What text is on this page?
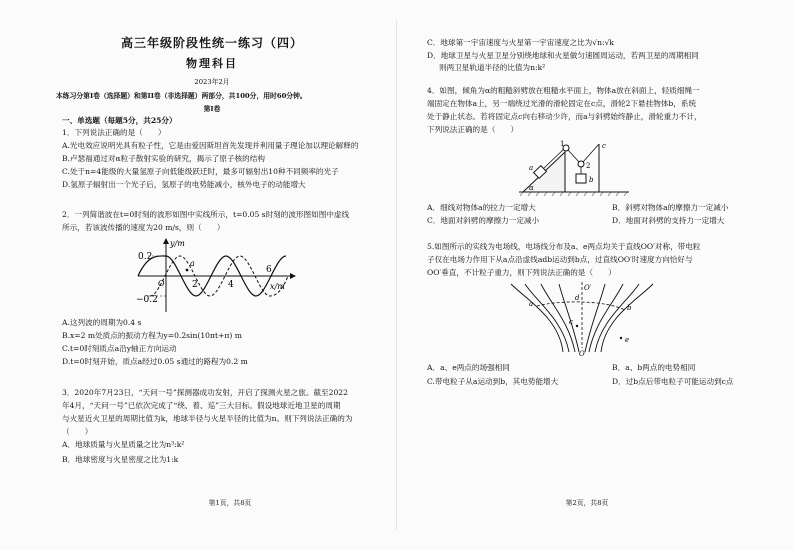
高三年级阶段性统一练习（四）
物理科目
2023年2月
本练习分第I卷（选择题）和第II卷（非选择题）两部分，共100分，用时60分钟。
第I卷
一、单选题（每题5分，共25分）
1．下列说法正确的是（　　）
A.光电效应说明光具有粒子性，它是由爱因斯坦首先发现并利用量子理论加以理论解释的
B.卢瑟福通过对α粒子散射实验的研究，揭示了原子核的结构
C.处于n=4能级的大量氢原子向低能级跃迁时，最多可辐射出10种不同频率的光子
D.氢原子辐射出一个光子后，氢原子的电势能减小，核外电子的动能增大
2．一列简谐波在t=0时刻的波形如图中实线所示，t=0.05 s时刻的波形图如图中虚线
所示，若该波传播的速度为20 m/s，则（　　）
y/m
x/m
0.2
−0.2
O	2	4
6
a
A.这列波的周期为0.4 s
B.x=2 m处质点的振动方程为y=0.2sin(10πt+π) m
C.t=0时刻质点a沿y轴正方向运动
D.t=0时刻开始，质点a经过0.05 s通过的路程为0.2 m
3．2020年7月23日，“天问一号”探测器成功发射，开启了探测火星之旅。截至2022
年4月，“天问一号”已依次完成了“绕、着、巡”三大目标。假设地球近地卫星的周期
与火星近火卫星的周期比值为k，地球半径与火星半径的比值为n。则下列说法正确的为
（　　）
A．地球质量与火星质量之比为n³:k²
B．地球密度与火星密度之比为1:k
第1页，共8页
C．地球第一宇宙速度与火星第一宇宙速度之比为√n:√k
D．地球卫星与火星卫星分别绕地球和火星做匀速圆周运动，若两卫星的周期相同
则两卫星轨道半径的比值为n:k²
4．如图，倾角为α的粗糙斜劈放在粗糙水平面上，物体a放在斜面上，轻质细绳一
端固定在物体a上，另一端绕过光滑的滑轮固定在c点，滑轮2下悬挂物体b，系统
处于静止状态。若将固定点c向右移动少许，而a与斜劈始终静止，滑轮重力不计，
下列说法正确的是（　　）
1
2
a
b
c
α
A．细线对物体a的拉力一定增大	B．斜劈对物体a的摩擦力一定减小
C．地面对斜劈的摩擦力一定减小	D．地面对斜劈的支持力一定增大
5.如图所示的实线为电场线，电场线分布及a、e两点均关于直线OO′对称，带电粒
子仅在电场力作用下从a点沿虚线adb运动到b点，过直线OO′时速度方向恰好与
OO′垂直，不计粒子重力，则下列说法正确的是（　　）
O′
O
a
d
b
c
e
A．a、e两点的场强相同	B．a、b两点的电势相同
C.带电粒子从a运动到b，其电势能增大	D．过b点后带电粒子可能运动到c点
第2页，共8页
